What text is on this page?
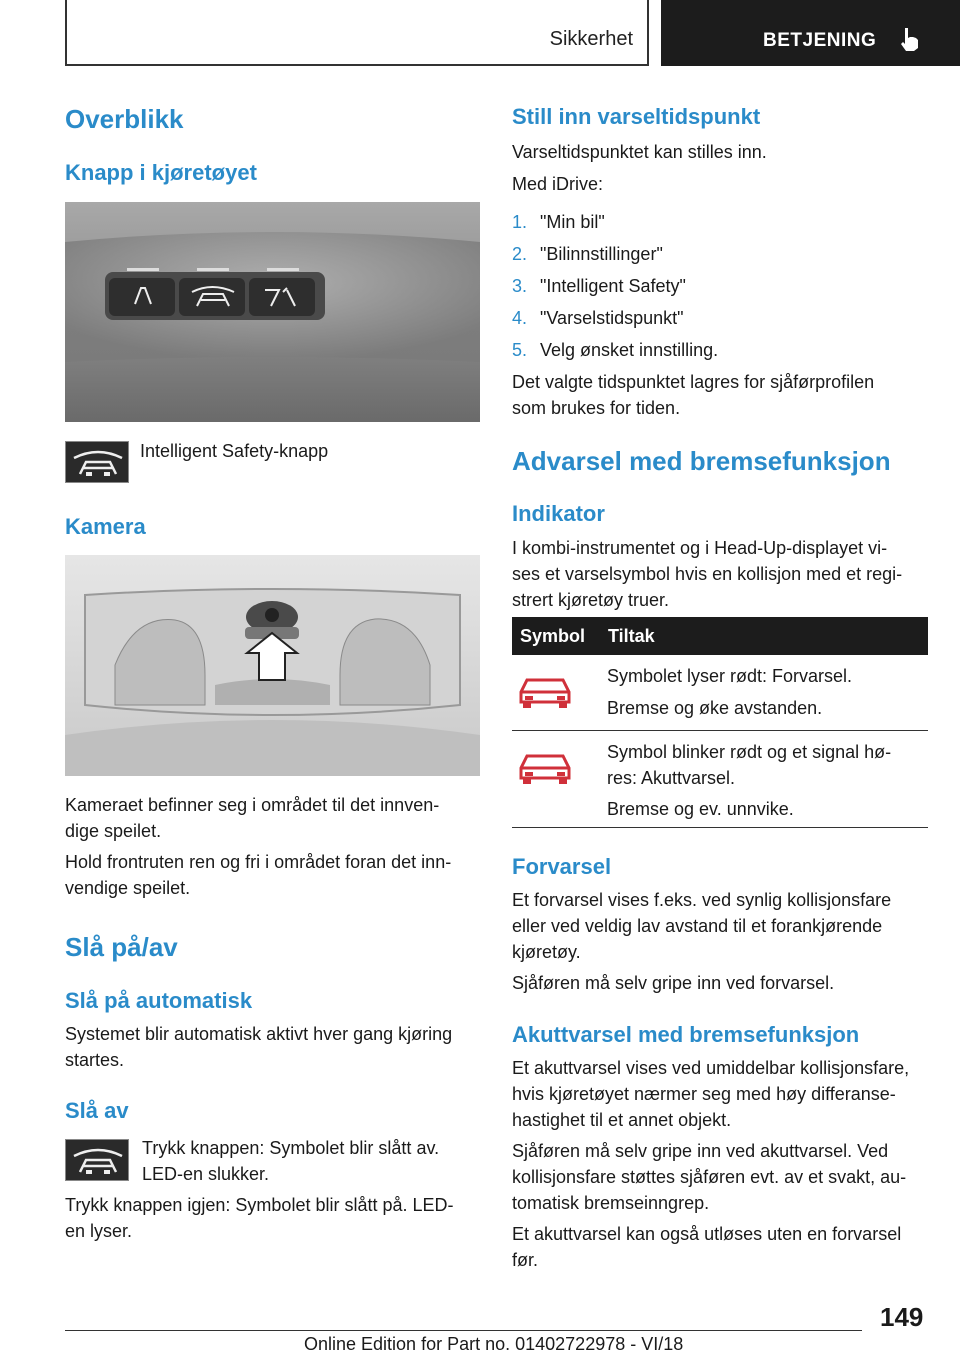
Sikkerhet	BETJENING
Overblikk
Knapp i kjøretøyet
Intelligent Safety-knapp
Kamera
Kameraet befinner seg i området til det innven-
dige speilet.
Hold frontruten ren og fri i området foran det inn-
vendige speilet.
Slå på/av
Slå på automatisk
Systemet blir automatisk aktivt hver gang kjøring
startes.
Slå av
Trykk knappen: Symbolet blir slått av.
LED-en slukker.
Trykk knappen igjen: Symbolet blir slått på. LED-
en lyser.
Still inn varseltidspunkt
Varseltidspunktet kan stilles inn.
Med iDrive:
1. "Min bil"
2. "Bilinnstillinger"
3. "Intelligent Safety"
4. "Varselstidspunkt"
5. Velg ønsket innstilling.
Det valgte tidspunktet lagres for sjåførprofilen
som brukes for tiden.
Advarsel med bremsefunksjon
Indikator
I kombi-instrumentet og i Head-Up-displayet vi-
ses et varselsymbol hvis en kollisjon med et regi-
strert kjøretøy truer.
Symbol Tiltak
Symbolet lyser rødt: Forvarsel.
Bremse og øke avstanden.
Symbol blinker rødt og et signal hø-
res: Akuttvarsel.
Bremse og ev. unnvike.
Forvarsel
Et forvarsel vises f.eks. ved synlig kollisjonsfare
eller ved veldig lav avstand til et forankjørende
kjøretøy.
Sjåføren må selv gripe inn ved forvarsel.
Akuttvarsel med bremsefunksjon
Et akuttvarsel vises ved umiddelbar kollisjonsfare,
hvis kjøretøyet nærmer seg med høy differanse-
hastighet til et annet objekt.
Sjåføren må selv gripe inn ved akuttvarsel. Ved
kollisjonsfare støttes sjåføren evt. av et svakt, au-
tomatisk bremseinngrep.
Et akuttvarsel kan også utløses uten en forvarsel
før.
149
Online Edition for Part no. 01402722978 - VI/18
